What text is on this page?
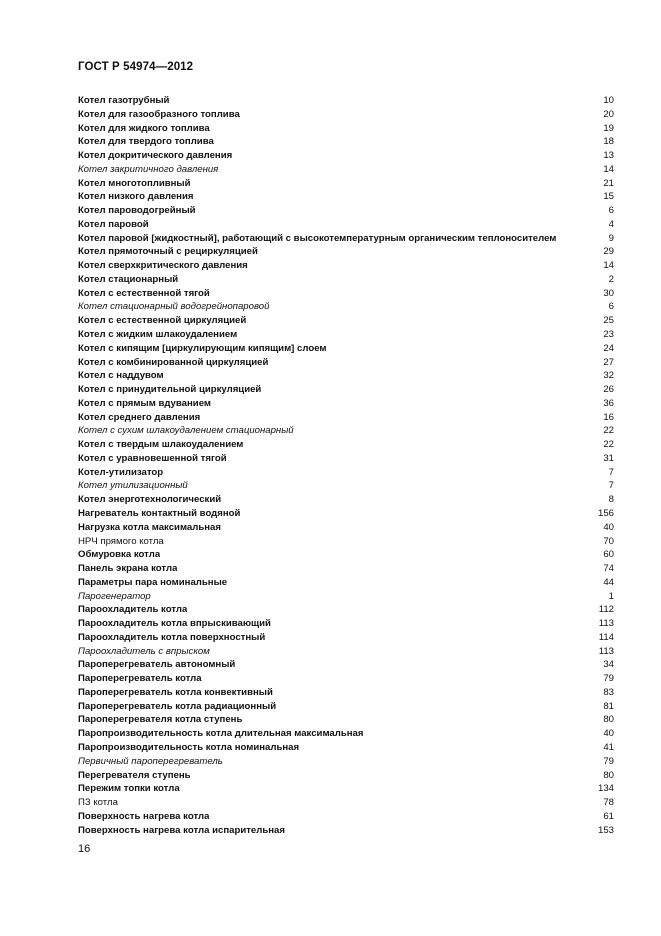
ГОСТ Р 54974—2012
Котел газотрубный	10
Котел для газообразного топлива	20
Котел для жидкого топлива	19
Котел для твердого топлива	18
Котел докритического давления	13
Котел закритичного давления	14
Котел многотопливный	21
Котел низкого давления	15
Котел пароводогрейный	6
Котел паровой	4
Котел паровой [жидкостный], работающий с высокотемпературным органическим теплоносителем	9
Котел прямоточный с рециркуляцией	29
Котел сверхкритического давления	14
Котел стационарный	2
Котел с естественной тягой	30
Котел стационарный водогрейнопаровой	6
Котел с естественной циркуляцией	25
Котел с жидким шлакоудалением	23
Котел с кипящим [циркулирующим кипящим] слоем	24
Котел с комбинированной циркуляцией	27
Котел с наддувом	32
Котел с принудительной циркуляцией	26
Котел с прямым вдуванием	36
Котел среднего давления	16
Котел с сухим шлакоудалением стационарный	22
Котел с твердым шлакоудалением	22
Котел с уравновешенной тягой	31
Котел-утилизатор	7
Котел утилизационный	7
Котел энерготехнологический	8
Нагреватель контактный водяной	156
Нагрузка котла максимальная	40
НРЧ прямого котла	70
Обмуровка котла	60
Панель экрана котла	74
Параметры пара номинальные	44
Парогенератор	1
Пароохладитель котла	112
Пароохладитель котла впрыскивающий	113
Пароохладитель котла поверхностный	114
Пароохладитель с впрыском	113
Пароперегреватель автономный	34
Пароперегреватель котла	79
Пароперегреватель котла конвективный	83
Пароперегреватель котла радиационный	81
Пароперегревателя котла ступень	80
Паропроизводительность котла длительная максимальная	40
Паропроизводительность котла номинальная	41
Первичный пароперегреватель	79
Перегревателя ступень	80
Пережим топки котла	134
ПЗ котла	78
Поверхность нагрева котла	61
Поверхность нагрева котла испарительная	153
16
